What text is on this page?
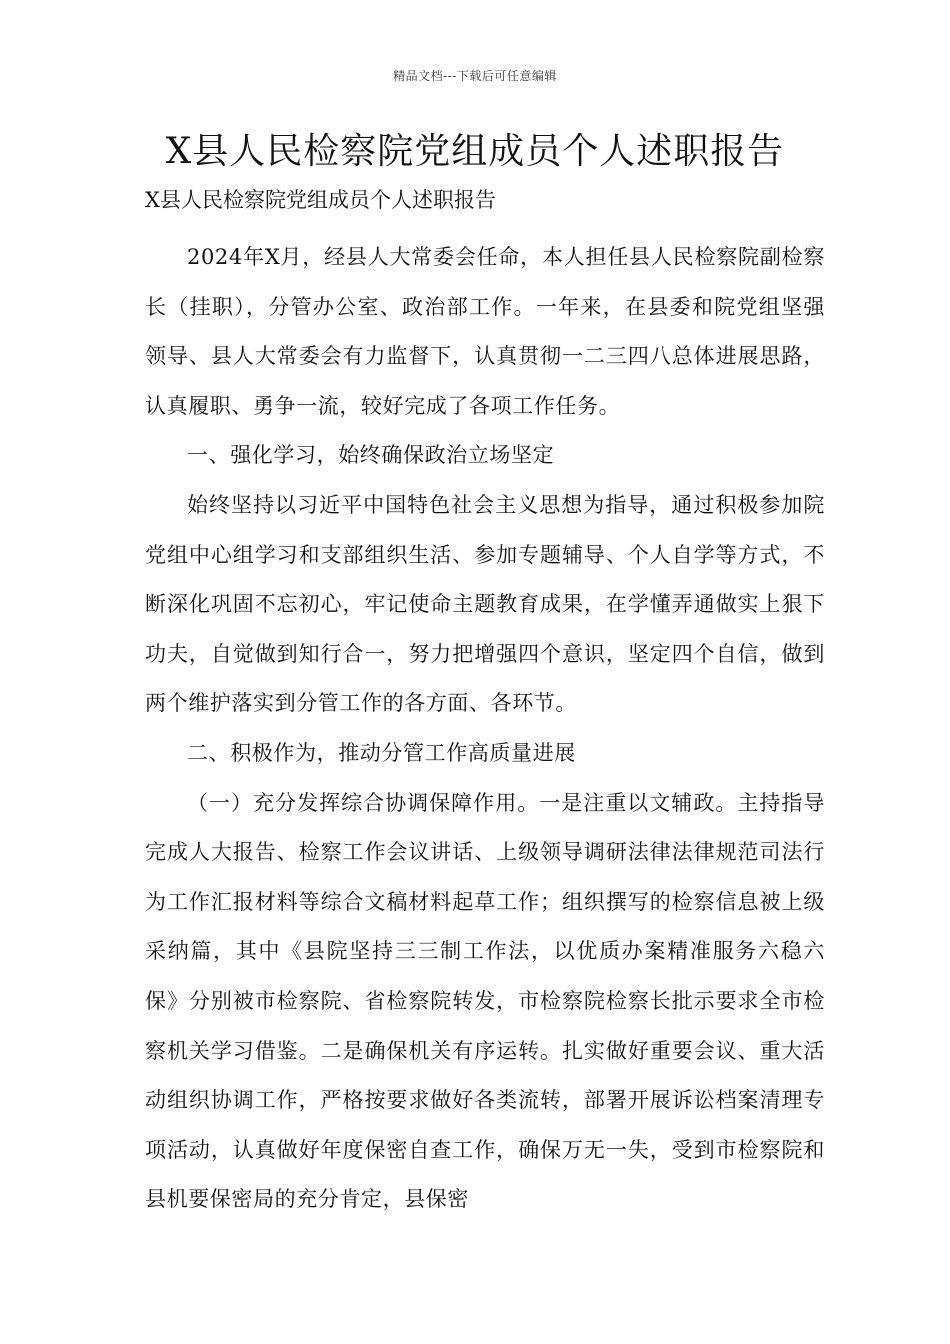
精品文档---下载后可任意编辑
X县人民检察院党组成员个人述职报告

X县人民检察院党组成员个人述职报告

2024年X月，经县人大常委会任命，本人担任县人民检察院副检察长（挂职），分管办公室、政治部工作。一年来，在县委和院党组坚强领导、县人大常委会有力监督下，认真贯彻一二三四八总体进展思路，认真履职、勇争一流，较好完成了各项工作任务。

一、强化学习，始终确保政治立场坚定

始终坚持以习近平中国特色社会主义思想为指导，通过积极参加院党组中心组学习和支部组织生活、参加专题辅导、个人自学等方式，不断深化巩固不忘初心，牢记使命主题教育成果，在学懂弄通做实上狠下功夫，自觉做到知行合一，努力把增强四个意识，坚定四个自信，做到两个维护落实到分管工作的各方面、各环节。

二、积极作为，推动分管工作高质量进展

（一）充分发挥综合协调保障作用。一是注重以文辅政。主持指导完成人大报告、检察工作会议讲话、上级领导调研法律法律规范司法行为工作汇报材料等综合文稿材料起草工作；组织撰写的检察信息被上级采纳篇，其中《县院坚持三三制工作法，以优质办案精准服务六稳六保》分别被市检察院、省检察院转发，市检察院检察长批示要求全市检察机关学习借鉴。二是确保机关有序运转。扎实做好重要会议、重大活动组织协调工作，严格按要求做好各类流转，部署开展诉讼档案清理专项活动，认真做好年度保密自查工作，确保万无一失，受到市检察院和县机要保密局的充分肯定，县保密
